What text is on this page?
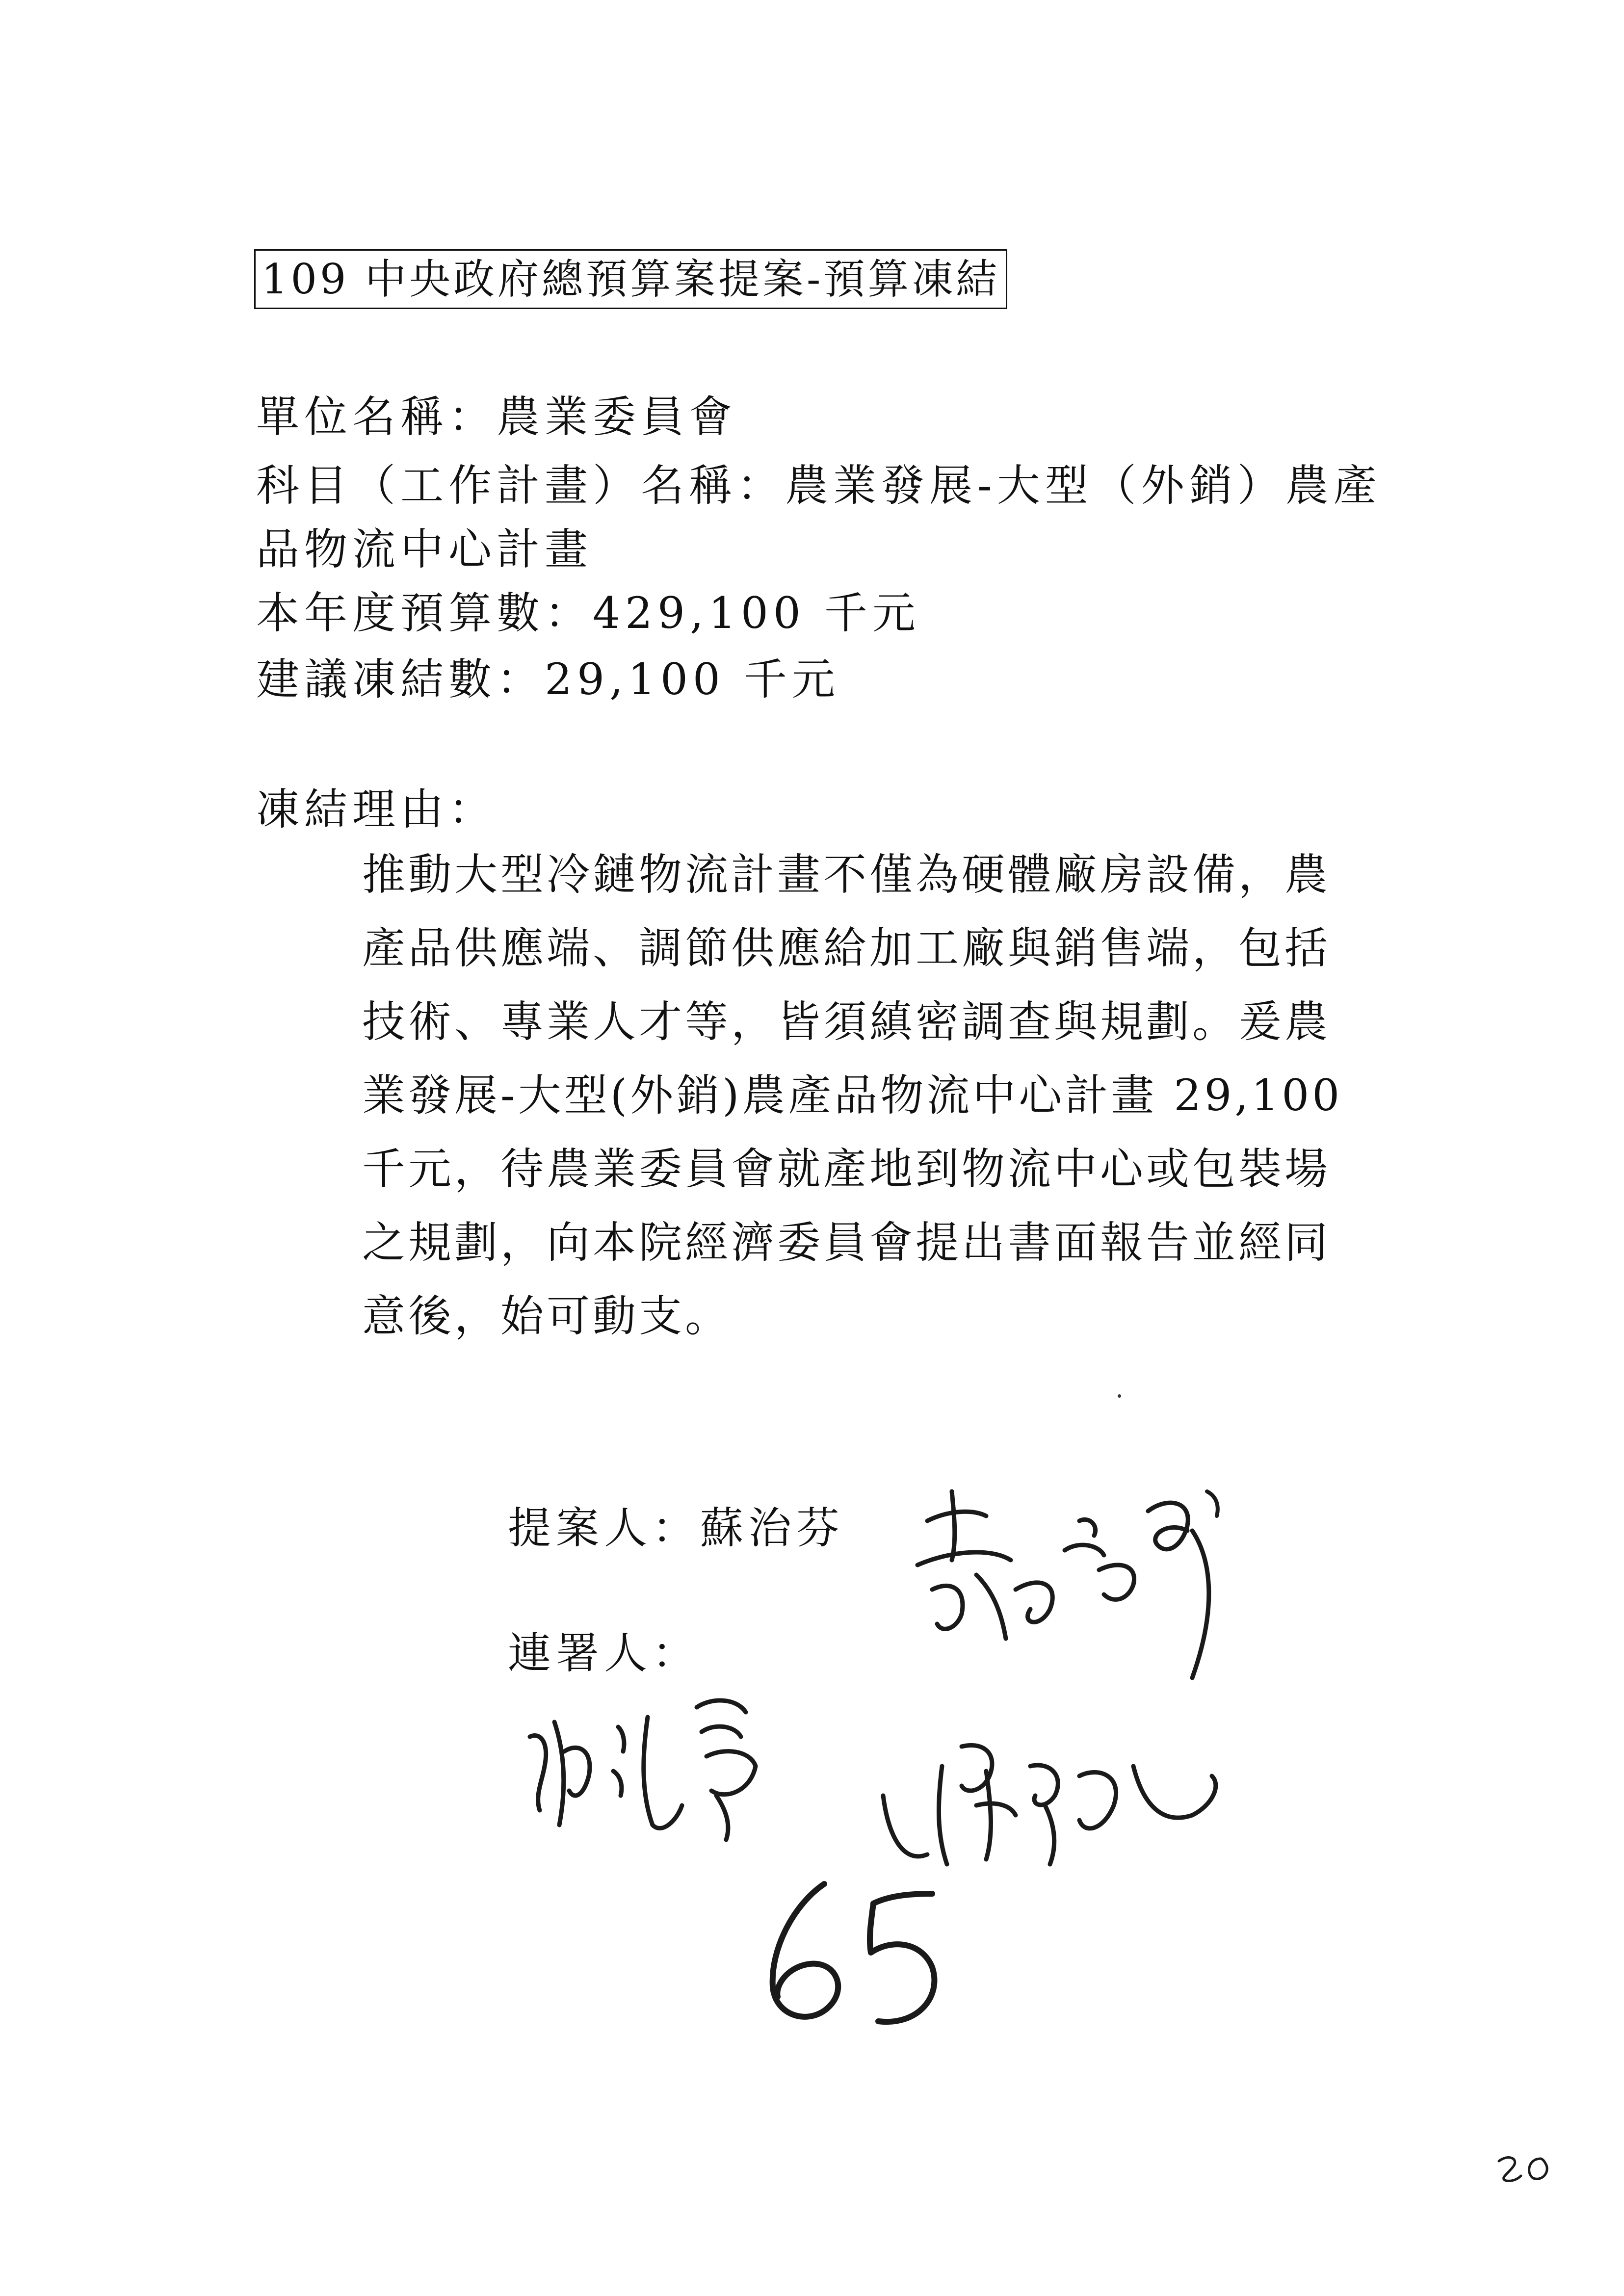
109 中央政府總預算案提案-預算凍結
單位名稱：農業委員會
科目（工作計畫）名稱：農業發展-大型（外銷）農產
品物流中心計畫
本年度預算數：429,100 千元
建議凍結數：29,100 千元
凍結理由：
推動大型冷鏈物流計畫不僅為硬體廠房設備，農
產品供應端、調節供應給加工廠與銷售端，包括
技術、專業人才等，皆須縝密調查與規劃。爰農
業發展-大型(外銷)農產品物流中心計畫 29,100
千元，待農業委員會就產地到物流中心或包裝場
之規劃，向本院經濟委員會提出書面報告並經同
意後，始可動支。
提案人：蘇治芬
連署人：
